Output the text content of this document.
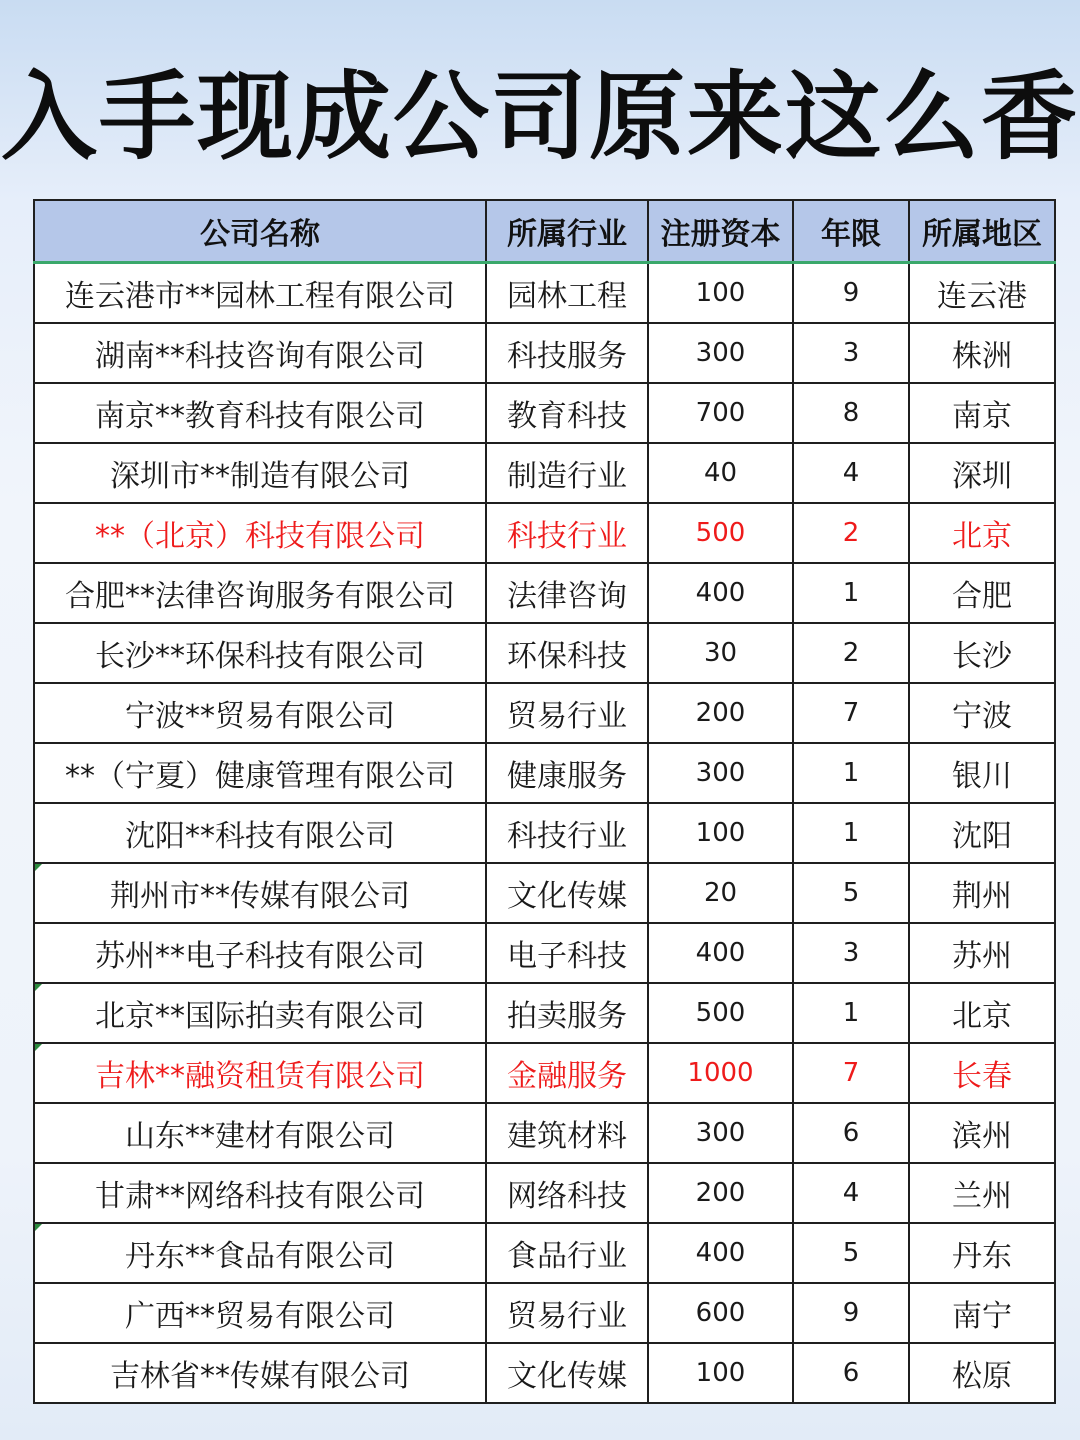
入手现成公司原来这么香
公司名称	所属行业	注册资本	年限	所属地区
连云港市**园林工程有限公司	园林工程	100	9	连云港
湖南**科技咨询有限公司	科技服务	300	3	株洲
南京**教育科技有限公司	教育科技	700	8	南京
深圳市**制造有限公司	制造行业	40	4	深圳
**（北京）科技有限公司	科技行业	500	2	北京
合肥**法律咨询服务有限公司	法律咨询	400	1	合肥
长沙**环保科技有限公司	环保科技	30	2	长沙
宁波**贸易有限公司	贸易行业	200	7	宁波
**（宁夏）健康管理有限公司	健康服务	300	1	银川
沈阳**科技有限公司	科技行业	100	1	沈阳
荆州市**传媒有限公司	文化传媒	20	5	荆州
苏州**电子科技有限公司	电子科技	400	3	苏州
北京**国际拍卖有限公司	拍卖服务	500	1	北京
吉林**融资租赁有限公司	金融服务	1000	7	长春
山东**建材有限公司	建筑材料	300	6	滨州
甘肃**网络科技有限公司	网络科技	200	4	兰州
丹东**食品有限公司	食品行业	400	5	丹东
广西**贸易有限公司	贸易行业	600	9	南宁
吉林省**传媒有限公司	文化传媒	100	6	松原
